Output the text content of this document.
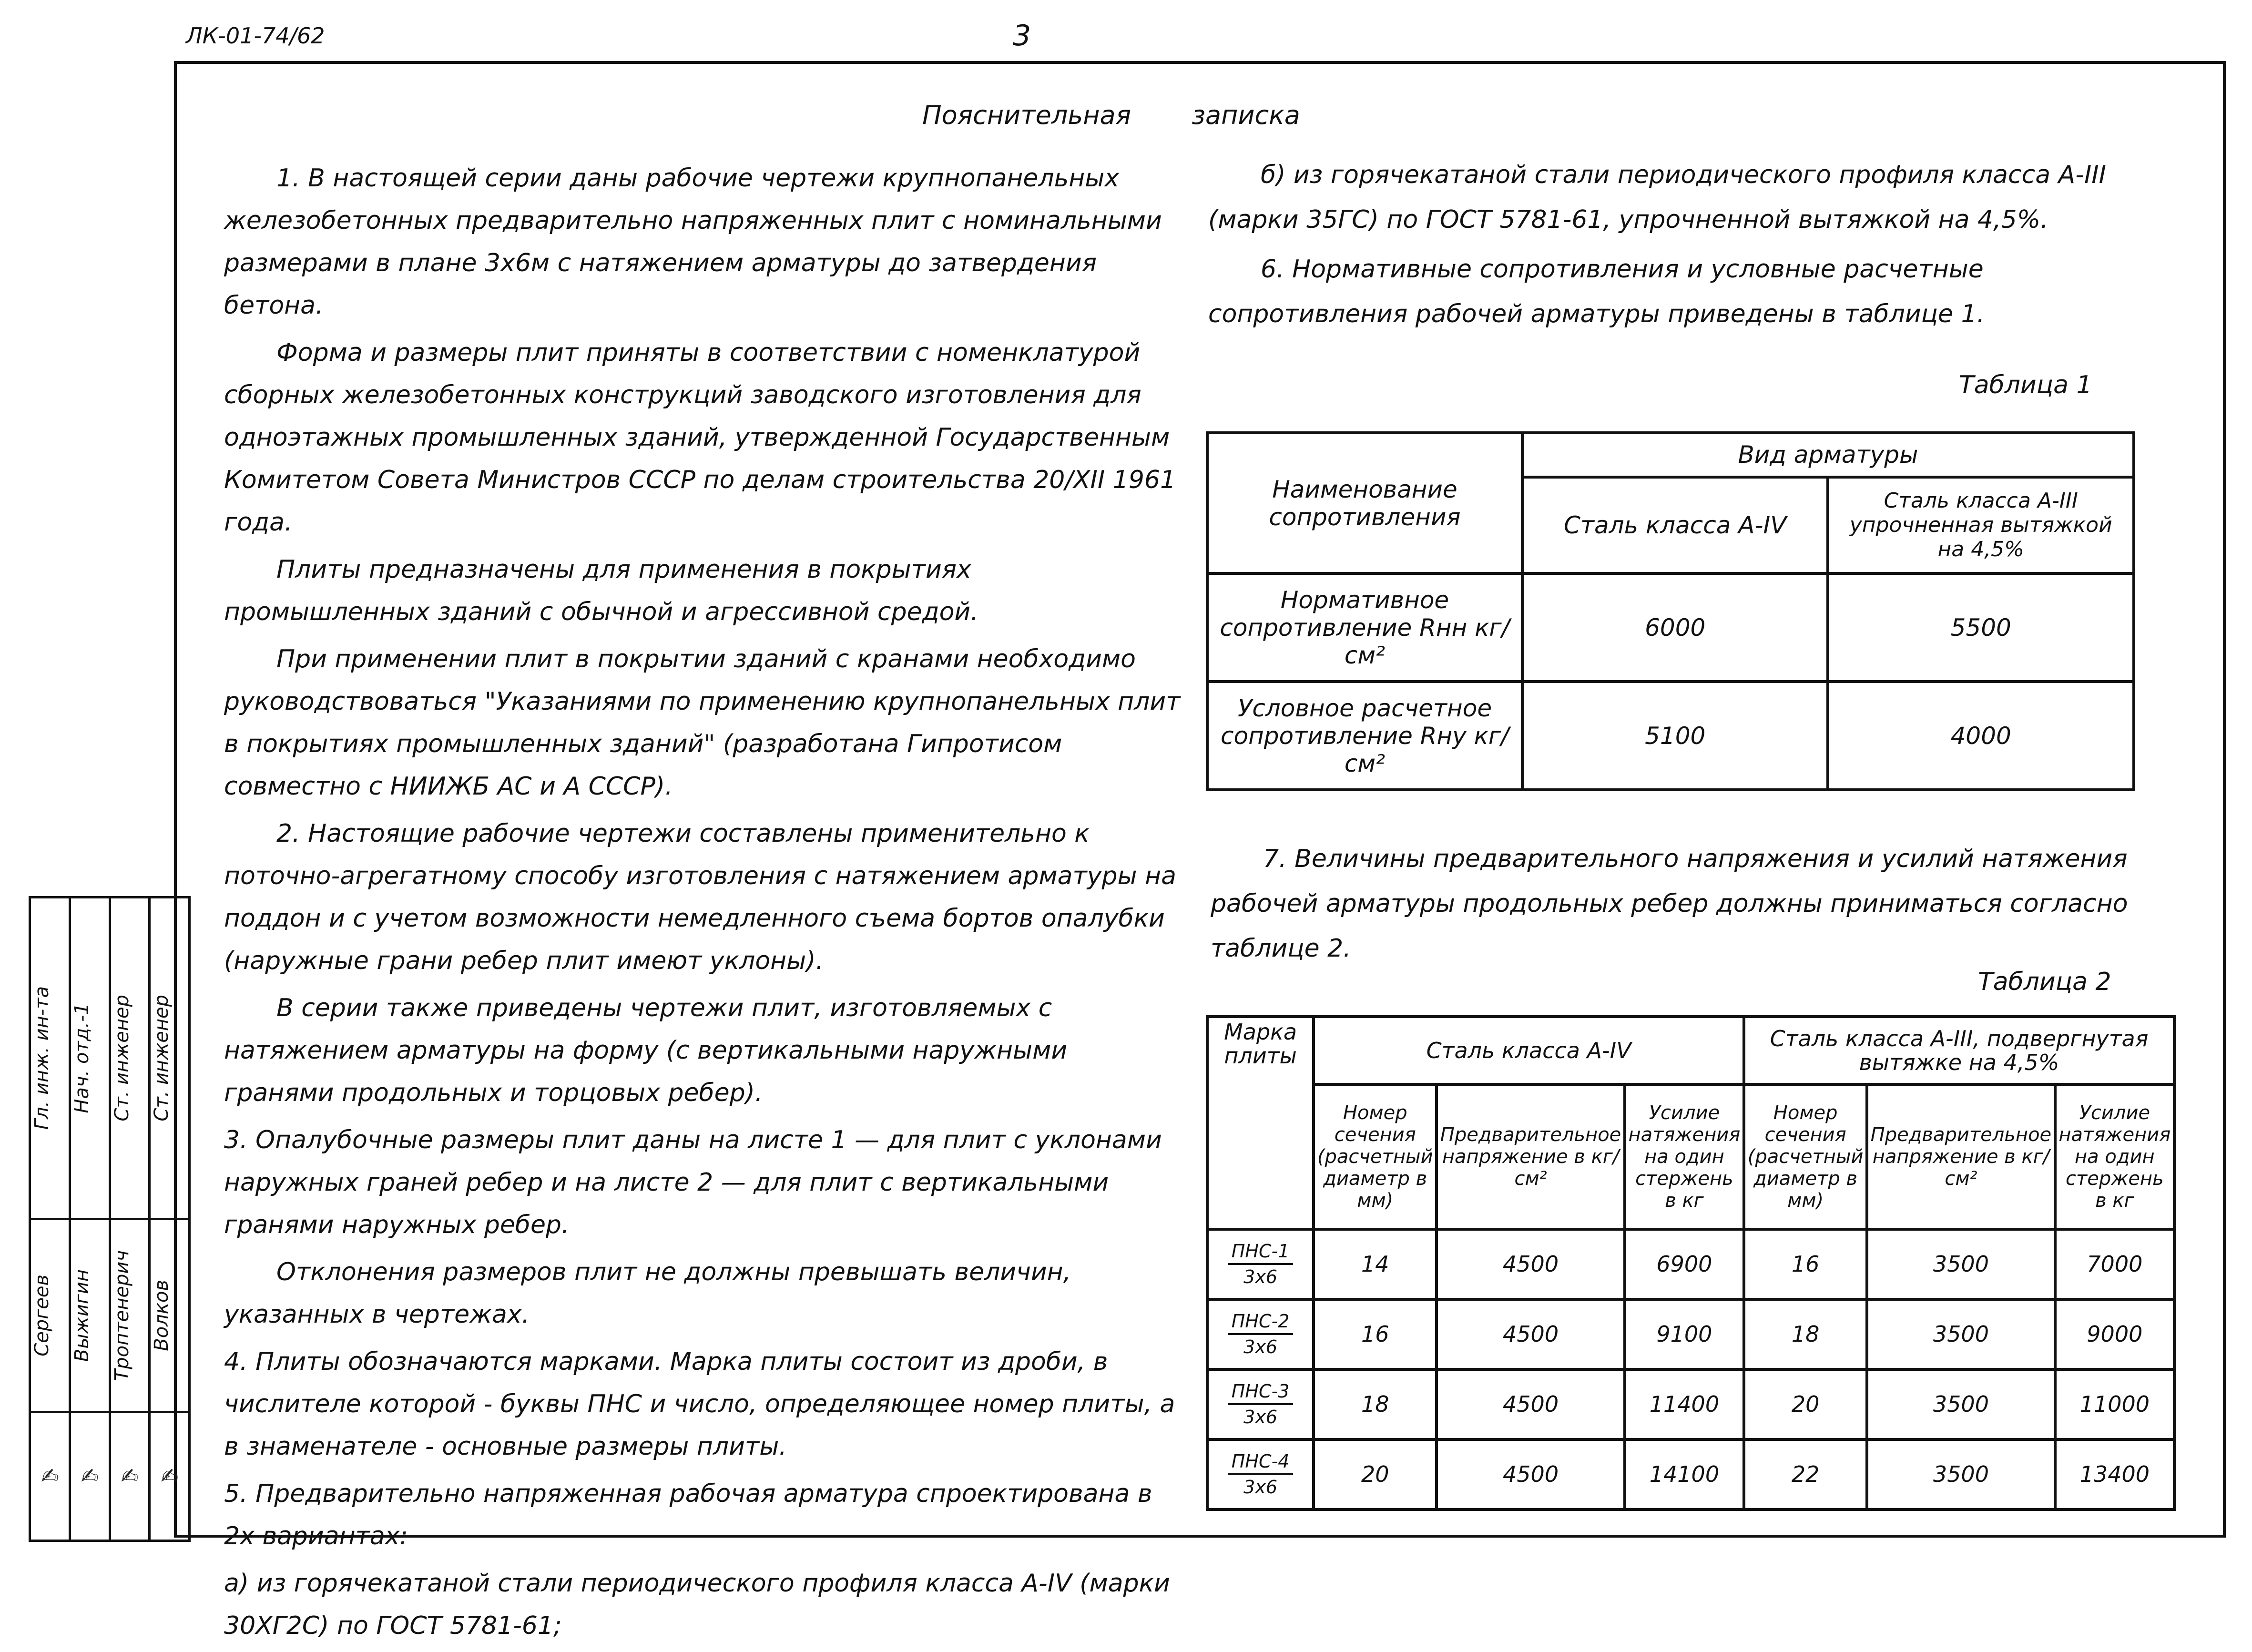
ЛК-01-74/62	3
Пояснительная записка

1. В настоящей серии даны рабочие чертежи крупнопанельных железобетонных предварительно напряженных плит с номинальными размерами в плане 3х6м с натяжением арматуры до затвердения бетона.

Форма и размеры плит приняты в соответствии с номенклатурой сборных железобетонных конструкций заводского изготовления для одноэтажных промышленных зданий, утвержденной Государственным Комитетом Совета Министров СССР по делам строительства 20/XII 1961 года.

Плиты предназначены для применения в покрытиях промышленных зданий с обычной и агрессивной средой.

При применении плит в покрытии зданий с кранами необходимо руководствоваться "Указаниями по применению крупнопанельных плит в покрытиях промышленных зданий" (разработана Гипротисом совместно с НИИЖБ АС и А СССР).

2. Настоящие рабочие чертежи составлены применительно к поточно-агрегатному способу изготовления с натяжением арматуры на поддон и с учетом возможности немедленного съема бортов опалубки (наружные грани ребер плит имеют уклоны).

В серии также приведены чертежи плит, изготовляемых с натяжением арматуры на форму (с вертикальными наружными гранями продольных и торцовых ребер).

3. Опалубочные размеры плит даны на листе 1 — для плит с уклонами наружных граней ребер и на листе 2 — для плит с вертикальными гранями наружных ребер.

Отклонения размеров плит не должны превышать величин, указанных в чертежах.

4. Плиты обозначаются марками. Марка плиты состоит из дроби, в числителе которой - буквы ПНС и число, определяющее номер плиты, а в знаменателе - основные размеры плиты.

5. Предварительно напряженная рабочая арматура спроектирована в 2х вариантах:

а) из горячекатаной стали периодического профиля класса А-IV (марки 30ХГ2С) по ГОСТ 5781-61;

б) из горячекатаной стали периодического профиля класса А-III (марки 35ГС) по ГОСТ 5781-61, упрочненной вытяжкой на 4,5%.

6. Нормативные сопротивления и условные расчетные сопротивления рабочей арматуры приведены в таблице 1.

Таблица 1
Наименование сопротивления	Вид арматуры	
	Сталь класса А-IV	Сталь класса А-III упрочненная вытяжкой на 4,5%
Нормативное сопротивление Rнн кг/см²	6000	5500
Условное расчетное сопротивление Rну кг/см²	5100	4000
7. Величины предварительного напряжения и усилий натяжения рабочей арматуры продольных ребер должны приниматься согласно таблице 2.
Таблица 2
Марка плиты	Сталь класса А-IV			Сталь класса А-III, подвергнутая вытяжке на 4,5%		
	Номер сечения (расчетный диаметр в мм)	Предварительное напряжение в кг/см²	Усилие натяжения на один стержень в кг	Номер сечения (расчетный диаметр в мм)	Предварительное напряжение в кг/см²	Усилие натяжения на один стержень в кг
ПНС-1
3х6	14	4500	6900	16	3500	7000
ПНС-2
3х6	16	4500	9100	18	3500	9000
ПНС-3
3х6	18	4500	11400	20	3500	11000
ПНС-4
3х6	20	4500	14100	22	3500	13400
Гл. инж. ин-та	Нач. отд.-1	Ст. инженер	Ст. инженер

Сергеев	Выжигин	Троптенерич	Волков

✍	✍	✍	✍
